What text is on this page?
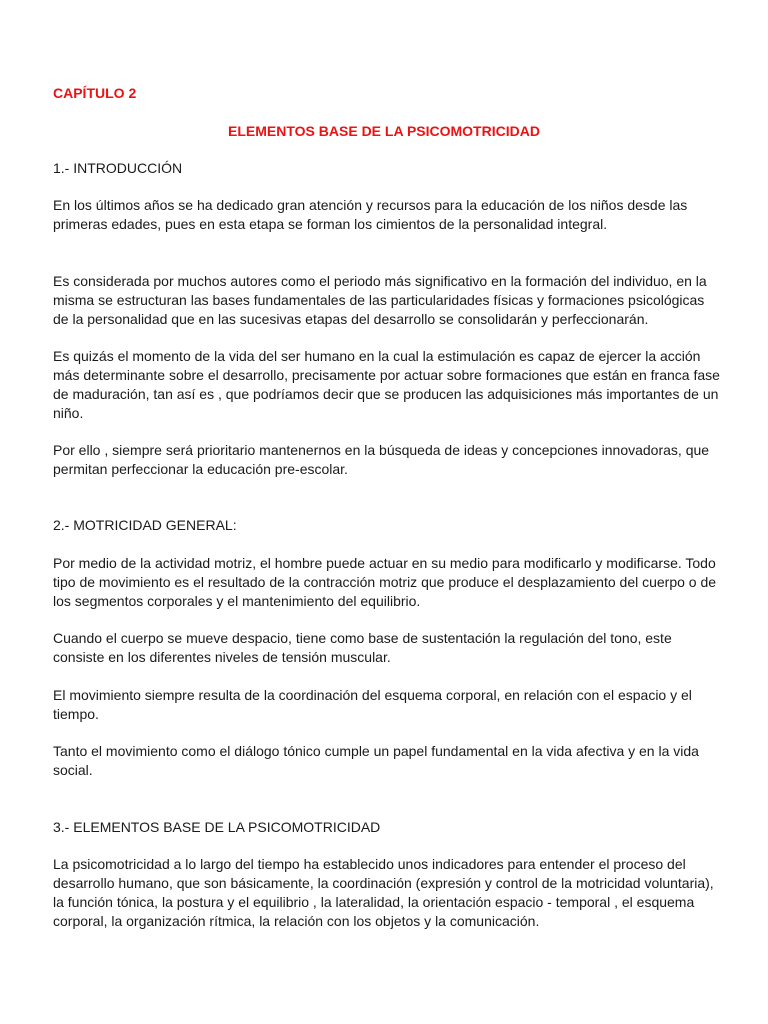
CAPÍTULO 2

ELEMENTOS BASE DE LA PSICOMOTRICIDAD

1.- INTRODUCCIÓN

En los últimos años se ha dedicado gran atención y recursos para la educación de los niños desde las primeras edades, pues en esta etapa se forman los cimientos de la personalidad integral.

Es considerada por muchos autores como el periodo más significativo en la formación del individuo, en la misma se estructuran las bases fundamentales de las particularidades físicas y formaciones psicológicas de la personalidad que en las sucesivas etapas del desarrollo se consolidarán y perfeccionarán.

Es quizás el momento de la vida del ser humano en la cual la estimulación es capaz de ejercer la acción más determinante sobre el desarrollo, precisamente por actuar sobre formaciones que están en franca fase de maduración, tan así es , que podríamos decir que se producen las adquisiciones más importantes de un niño.

Por ello , siempre será prioritario mantenernos en la búsqueda de ideas y concepciones innovadoras, que permitan perfeccionar la educación pre-escolar.

2.- MOTRICIDAD GENERAL:

Por medio de la actividad motriz, el hombre puede actuar en su medio para modificarlo y modificarse. Todo tipo de movimiento es el resultado de la contracción motriz que produce el desplazamiento del cuerpo o de los segmentos corporales y el mantenimiento del equilibrio.

Cuando el cuerpo se mueve despacio, tiene como base de sustentación la regulación del tono, este consiste en los diferentes niveles de tensión muscular.

El movimiento siempre resulta de la coordinación del esquema corporal, en relación con el espacio y el tiempo.

Tanto el movimiento como el diálogo tónico cumple un papel fundamental en la vida afectiva y en la vida social.

3.- ELEMENTOS BASE DE LA PSICOMOTRICIDAD

La psicomotricidad a lo largo del tiempo ha establecido unos indicadores para entender el proceso del desarrollo humano, que son básicamente, la coordinación (expresión y control de la motricidad voluntaria), la función tónica, la postura y el equilibrio , la lateralidad, la orientación espacio - temporal , el esquema corporal, la organización rítmica, la relación con los objetos y la comunicación.
